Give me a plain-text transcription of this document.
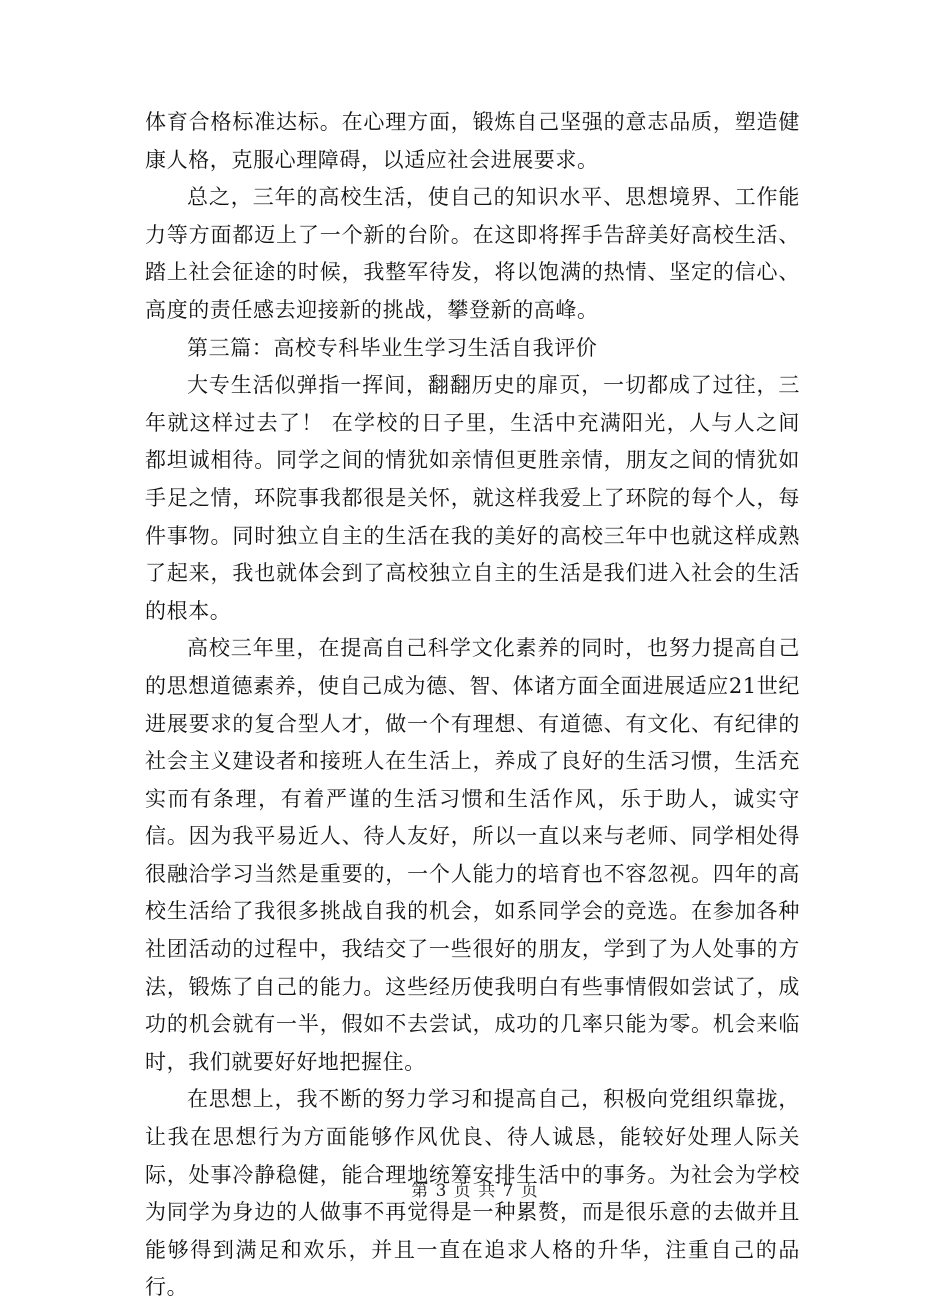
体育合格标准达标。在心理方面，锻炼自己坚强的意志品质，塑造健康人格，克服心理障碍，以适应社会进展要求。

总之，三年的高校生活，使自己的知识水平、思想境界、工作能力等方面都迈上了一个新的台阶。在这即将挥手告辞美好高校生活、踏上社会征途的时候，我整军待发，将以饱满的热情、坚定的信心、高度的责任感去迎接新的挑战，攀登新的高峰。

第三篇：高校专科毕业生学习生活自我评价

大专生活似弹指一挥间，翻翻历史的扉页，一切都成了过往，三年就这样过去了！ 在学校的日子里，生活中充满阳光，人与人之间都坦诚相待。同学之间的情犹如亲情但更胜亲情，朋友之间的情犹如手足之情，环院事我都很是关怀，就这样我爱上了环院的每个人，每件事物。同时独立自主的生活在我的美好的高校三年中也就这样成熟了起来，我也就体会到了高校独立自主的生活是我们进入社会的生活的根本。

高校三年里，在提高自己科学文化素养的同时，也努力提高自己的思想道德素养，使自己成为德、智、体诸方面全面进展适应21世纪进展要求的复合型人才，做一个有理想、有道德、有文化、有纪律的社会主义建设者和接班人在生活上，养成了良好的生活习惯，生活充实而有条理，有着严谨的生活习惯和生活作风，乐于助人，诚实守信。因为我平易近人、待人友好，所以一直以来与老师、同学相处得很融洽学习当然是重要的，一个人能力的培育也不容忽视。四年的高校生活给了我很多挑战自我的机会，如系同学会的竞选。在参加各种社团活动的过程中，我结交了一些很好的朋友，学到了为人处事的方法，锻炼了自己的能力。这些经历使我明白有些事情假如尝试了，成功的机会就有一半，假如不去尝试，成功的几率只能为零。机会来临时，我们就要好好地把握住。

在思想上，我不断的努力学习和提高自己，积极向党组织靠拢，让我在思想行为方面能够作风优良、待人诚恳，能较好处理人际关际，处事冷静稳健，能合理地统筹安排生活中的事务。为社会为学校为同学为身边的人做事不再觉得是一种累赘，而是很乐意的去做并且能够得到满足和欢乐，并且一直在追求人格的升华，注重自己的品行。

第 3 页 共 7 页
